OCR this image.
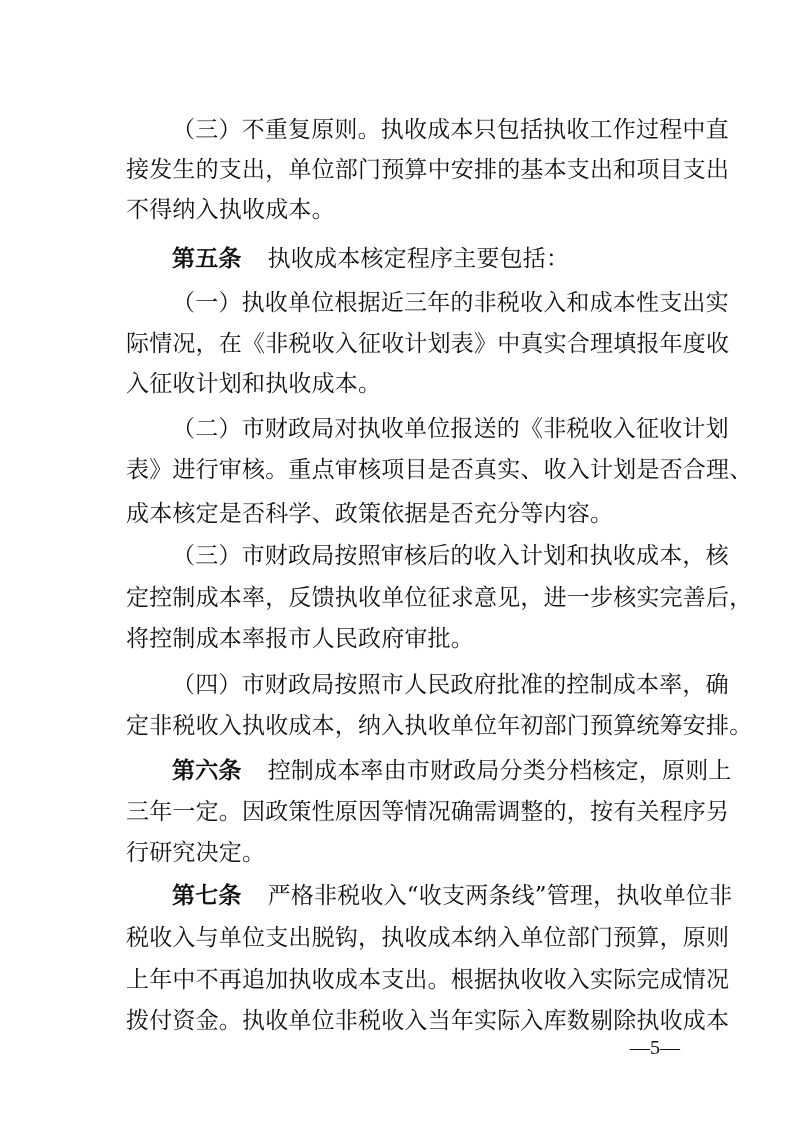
（三）不重复原则。执收成本只包括执收工作过程中直
接发生的支出，单位部门预算中安排的基本支出和项目支出
不得纳入执收成本。
第五条 执收成本核定程序主要包括：
（一）执收单位根据近三年的非税收入和成本性支出实
际情况，在《非税收入征收计划表》中真实合理填报年度收
入征收计划和执收成本。
（二）市财政局对执收单位报送的《非税收入征收计划
表》进行审核。重点审核项目是否真实、收入计划是否合理、
成本核定是否科学、政策依据是否充分等内容。
（三）市财政局按照审核后的收入计划和执收成本，核
定控制成本率，反馈执收单位征求意见，进一步核实完善后，
将控制成本率报市人民政府审批。
（四）市财政局按照市人民政府批准的控制成本率，确
定非税收入执收成本，纳入执收单位年初部门预算统筹安排。
第六条 控制成本率由市财政局分类分档核定，原则上
三年一定。因政策性原因等情况确需调整的，按有关程序另
行研究决定。
第七条 严格非税收入“收支两条线”管理，执收单位非
税收入与单位支出脱钩，执收成本纳入单位部门预算，原则
上年中不再追加执收成本支出。根据执收收入实际完成情况
拨付资金。执收单位非税收入当年实际入库数剔除执收成本
—5—
